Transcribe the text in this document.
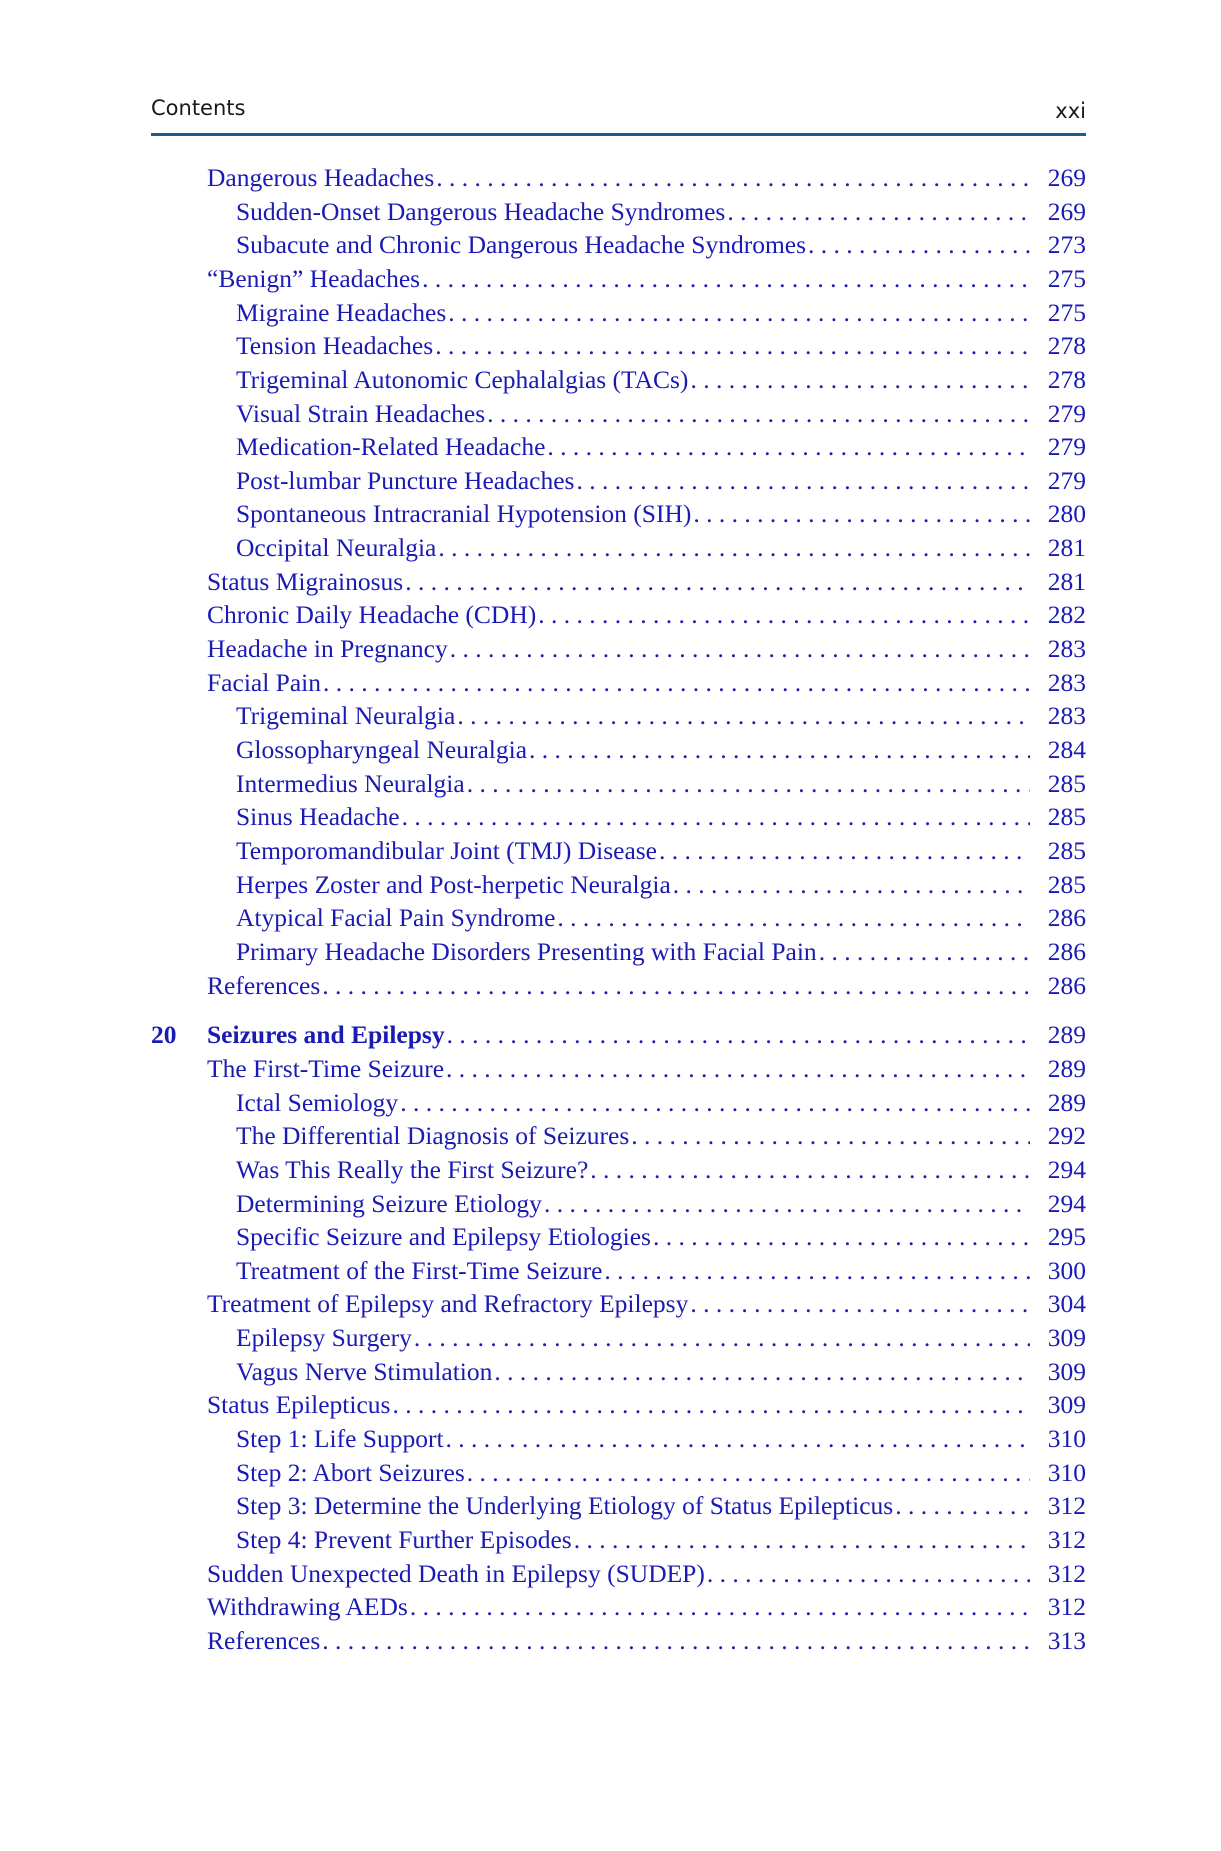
Contents	xxi
Dangerous Headaches . . .	269
Sudden-Onset Dangerous Headache Syndromes . . .	269
Subacute and Chronic Dangerous Headache Syndromes . . .	273
“Benign” Headaches . . .	275
Migraine Headaches . . .	275
Tension Headaches . . .	278
Trigeminal Autonomic Cephalalgias (TACs) . . .	278
Visual Strain Headaches . . .	279
Medication-Related Headache . . .	279
Post-lumbar Puncture Headaches . . .	279
Spontaneous Intracranial Hypotension (SIH) . . .	280
Occipital Neuralgia . . .	281
Status Migrainosus . . .	281
Chronic Daily Headache (CDH) . . .	282
Headache in Pregnancy . . .	283
Facial Pain . . .	283
Trigeminal Neuralgia . . .	283
Glossopharyngeal Neuralgia . . .	284
Intermedius Neuralgia . . .	285
Sinus Headache . . .	285
Temporomandibular Joint (TMJ) Disease . . .	285
Herpes Zoster and Post-herpetic Neuralgia . . .	285
Atypical Facial Pain Syndrome . . .	286
Primary Headache Disorders Presenting with Facial Pain . . .	286
References . . .	286
20	Seizures and Epilepsy . . .	289
The First-Time Seizure . . .	289
Ictal Semiology . . .	289
The Differential Diagnosis of Seizures . . .	292
Was This Really the First Seizure? . . .	294
Determining Seizure Etiology . . .	294
Specific Seizure and Epilepsy Etiologies . . .	295
Treatment of the First-Time Seizure . . .	300
Treatment of Epilepsy and Refractory Epilepsy . . .	304
Epilepsy Surgery . . .	309
Vagus Nerve Stimulation . . .	309
Status Epilepticus . . .	309
Step 1: Life Support . . .	310
Step 2: Abort Seizures . . .	310
Step 3: Determine the Underlying Etiology of Status Epilepticus . . .	312
Step 4: Prevent Further Episodes . . .	312
Sudden Unexpected Death in Epilepsy (SUDEP) . . .	312
Withdrawing AEDs . . .	312
References . . .	313
